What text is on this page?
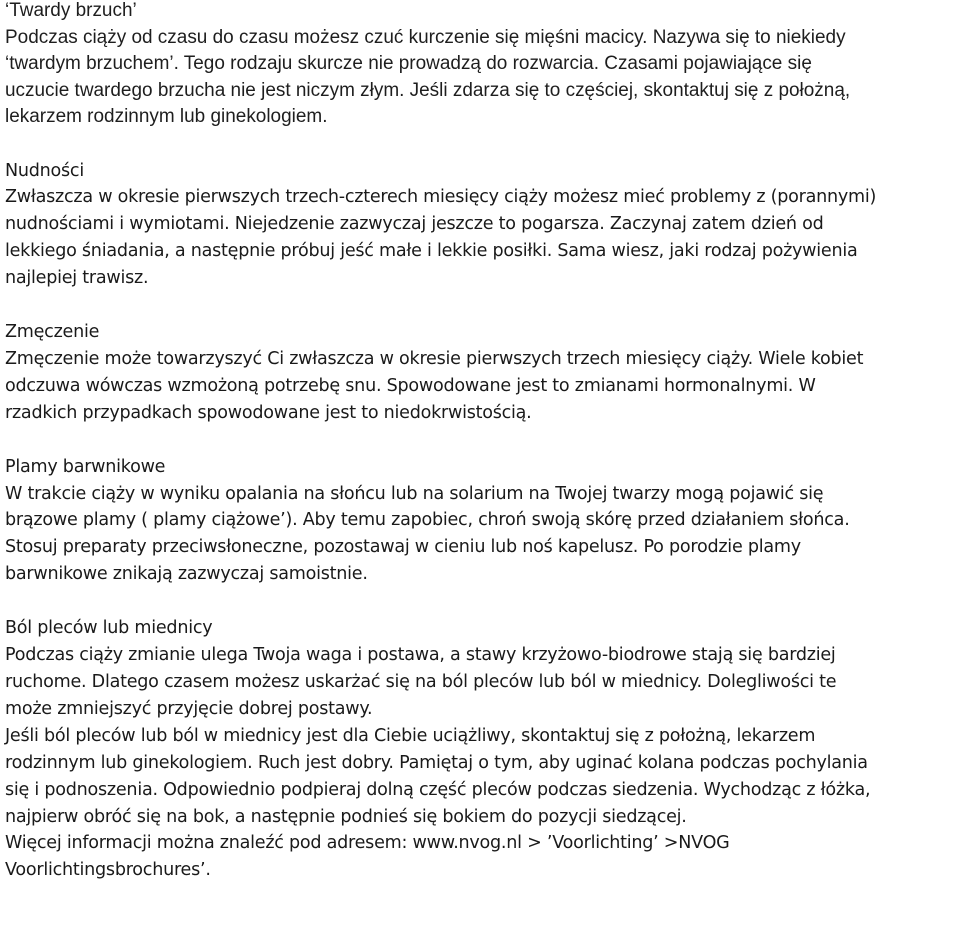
‘Twardy brzuch’
Podczas ciąży od czasu do czasu możesz czuć kurczenie się mięśni macicy. Nazywa się to niekiedy
‘twardym brzuchem’. Tego rodzaju skurcze nie prowadzą do rozwarcia. Czasami pojawiające się
uczucie twardego brzucha nie jest niczym złym. Jeśli zdarza się to częściej, skontaktuj się z położną,
lekarzem rodzinnym lub ginekologiem.
Nudności
Zwłaszcza w okresie pierwszych trzech-czterech miesięcy ciąży możesz mieć problemy z (porannymi)
nudnościami i wymiotami. Niejedzenie zazwyczaj jeszcze to pogarsza. Zaczynaj zatem dzień od
lekkiego śniadania, a następnie próbuj jeść małe i lekkie posiłki. Sama wiesz, jaki rodzaj pożywienia
najlepiej trawisz.
Zmęczenie
Zmęczenie może towarzyszyć Ci zwłaszcza w okresie pierwszych trzech miesięcy ciąży. Wiele kobiet
odczuwa wówczas wzmożoną potrzebę snu. Spowodowane jest to zmianami hormonalnymi. W
rzadkich przypadkach spowodowane jest to niedokrwistością.
Plamy barwnikowe
W trakcie ciąży w wyniku opalania na słońcu lub na solarium na Twojej twarzy mogą pojawić się
brązowe plamy ( plamy ciążowe’). Aby temu zapobiec, chroń swoją skórę przed działaniem słońca.
Stosuj preparaty przeciwsłoneczne, pozostawaj w cieniu lub noś kapelusz. Po porodzie plamy
barwnikowe znikają zazwyczaj samoistnie.
Ból pleców lub miednicy
Podczas ciąży zmianie ulega Twoja waga i postawa, a stawy krzyżowo-biodrowe stają się bardziej
ruchome. Dlatego czasem możesz uskarżać się na ból pleców lub ból w miednicy. Dolegliwości te
może zmniejszyć przyjęcie dobrej postawy.
Jeśli ból pleców lub ból w miednicy jest dla Ciebie uciążliwy, skontaktuj się z położną, lekarzem
rodzinnym lub ginekologiem. Ruch jest dobry. Pamiętaj o tym, aby uginać kolana podczas pochylania
się i podnoszenia. Odpowiednio podpieraj dolną część pleców podczas siedzenia. Wychodząc z łóżka,
najpierw obróć się na bok, a następnie podnieś się bokiem do pozycji siedzącej.
Więcej informacji można znaleźć pod adresem: www.nvog.nl > ’Voorlichting’ >NVOG
Voorlichtingsbrochures’.
